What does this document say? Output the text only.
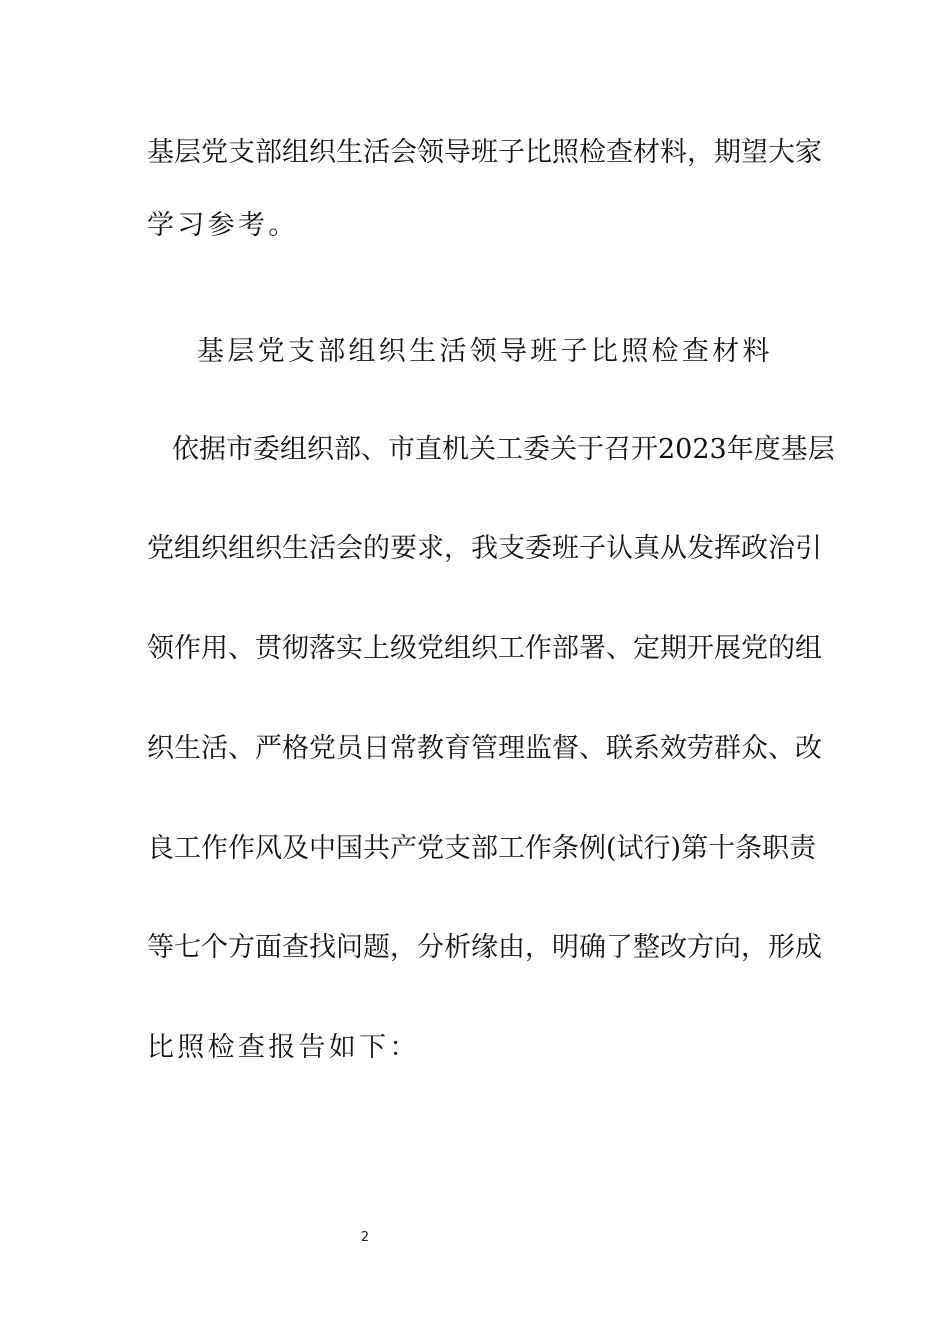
基层党支部组织生活会领导班子比照检查材料，期望大家
学习参考。
基层党支部组织生活领导班子比照检查材料
依据市委组织部、市直机关工委关于召开2023年度基层
党组织组织生活会的要求，我支委班子认真从发挥政治引
领作用、贯彻落实上级党组织工作部署、定期开展党的组
织生活、严格党员日常教育管理监督、联系效劳群众、改
良工作作风及中国共产党支部工作条例(试行)第十条职责
等七个方面查找问题，分析缘由，明确了整改方向，形成
比照检查报告如下：
2
